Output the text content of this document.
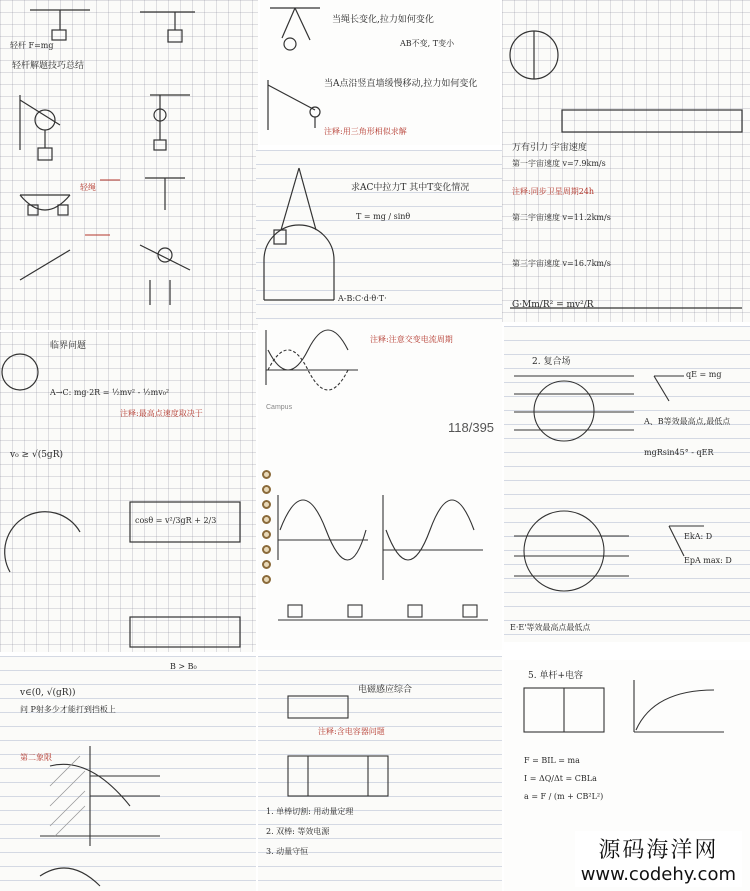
轻杆解题技巧总结
轻杆 F=mg
轻绳
当绳长变化,拉力如何变化
AB不变, T变小
当A点沿竖直墙缓慢移动,拉力如何变化
注释:用三角形相似求解
万有引力 宇宙速度
第一宇宙速度 v=7.9km/s
注释:同步卫星周期24h
第二宇宙速度 v=11.2km/s
第三宇宙速度 v=16.7km/s
G·Mm/R² = mv²/R
求AC中拉力T 其中T变化情况
T = mg / sinθ
A-B:C·d·θ·T·
临界问题
A→C: mg·2R = ½mv² - ½mv₀²
注释:最高点速度取决于
v₀ ≥ √(5gR)
cosθ = v²/3gR + 2/3
注释:注意交变电流周期
Campus
118/395
2. 复合场
qE = mg
A、B等效最高点,最低点
mgRsin45° - qER
EkA: D
EpA max: D
E·E'等效最高点最低点
v∈(0, √(gR))
问 P射多少才能打到挡板上
第二象限
B > B₀
电磁感应综合
注释:含电容器问题
1. 单棒切割: 用动量定理
2. 双棒: 等效电源
3. 动量守恒
5. 单杆+电容
F = BIL = ma
I = ΔQ/Δt = CBLa
a = F / (m + CB²L²)
源码海洋网
www.codehy.com
